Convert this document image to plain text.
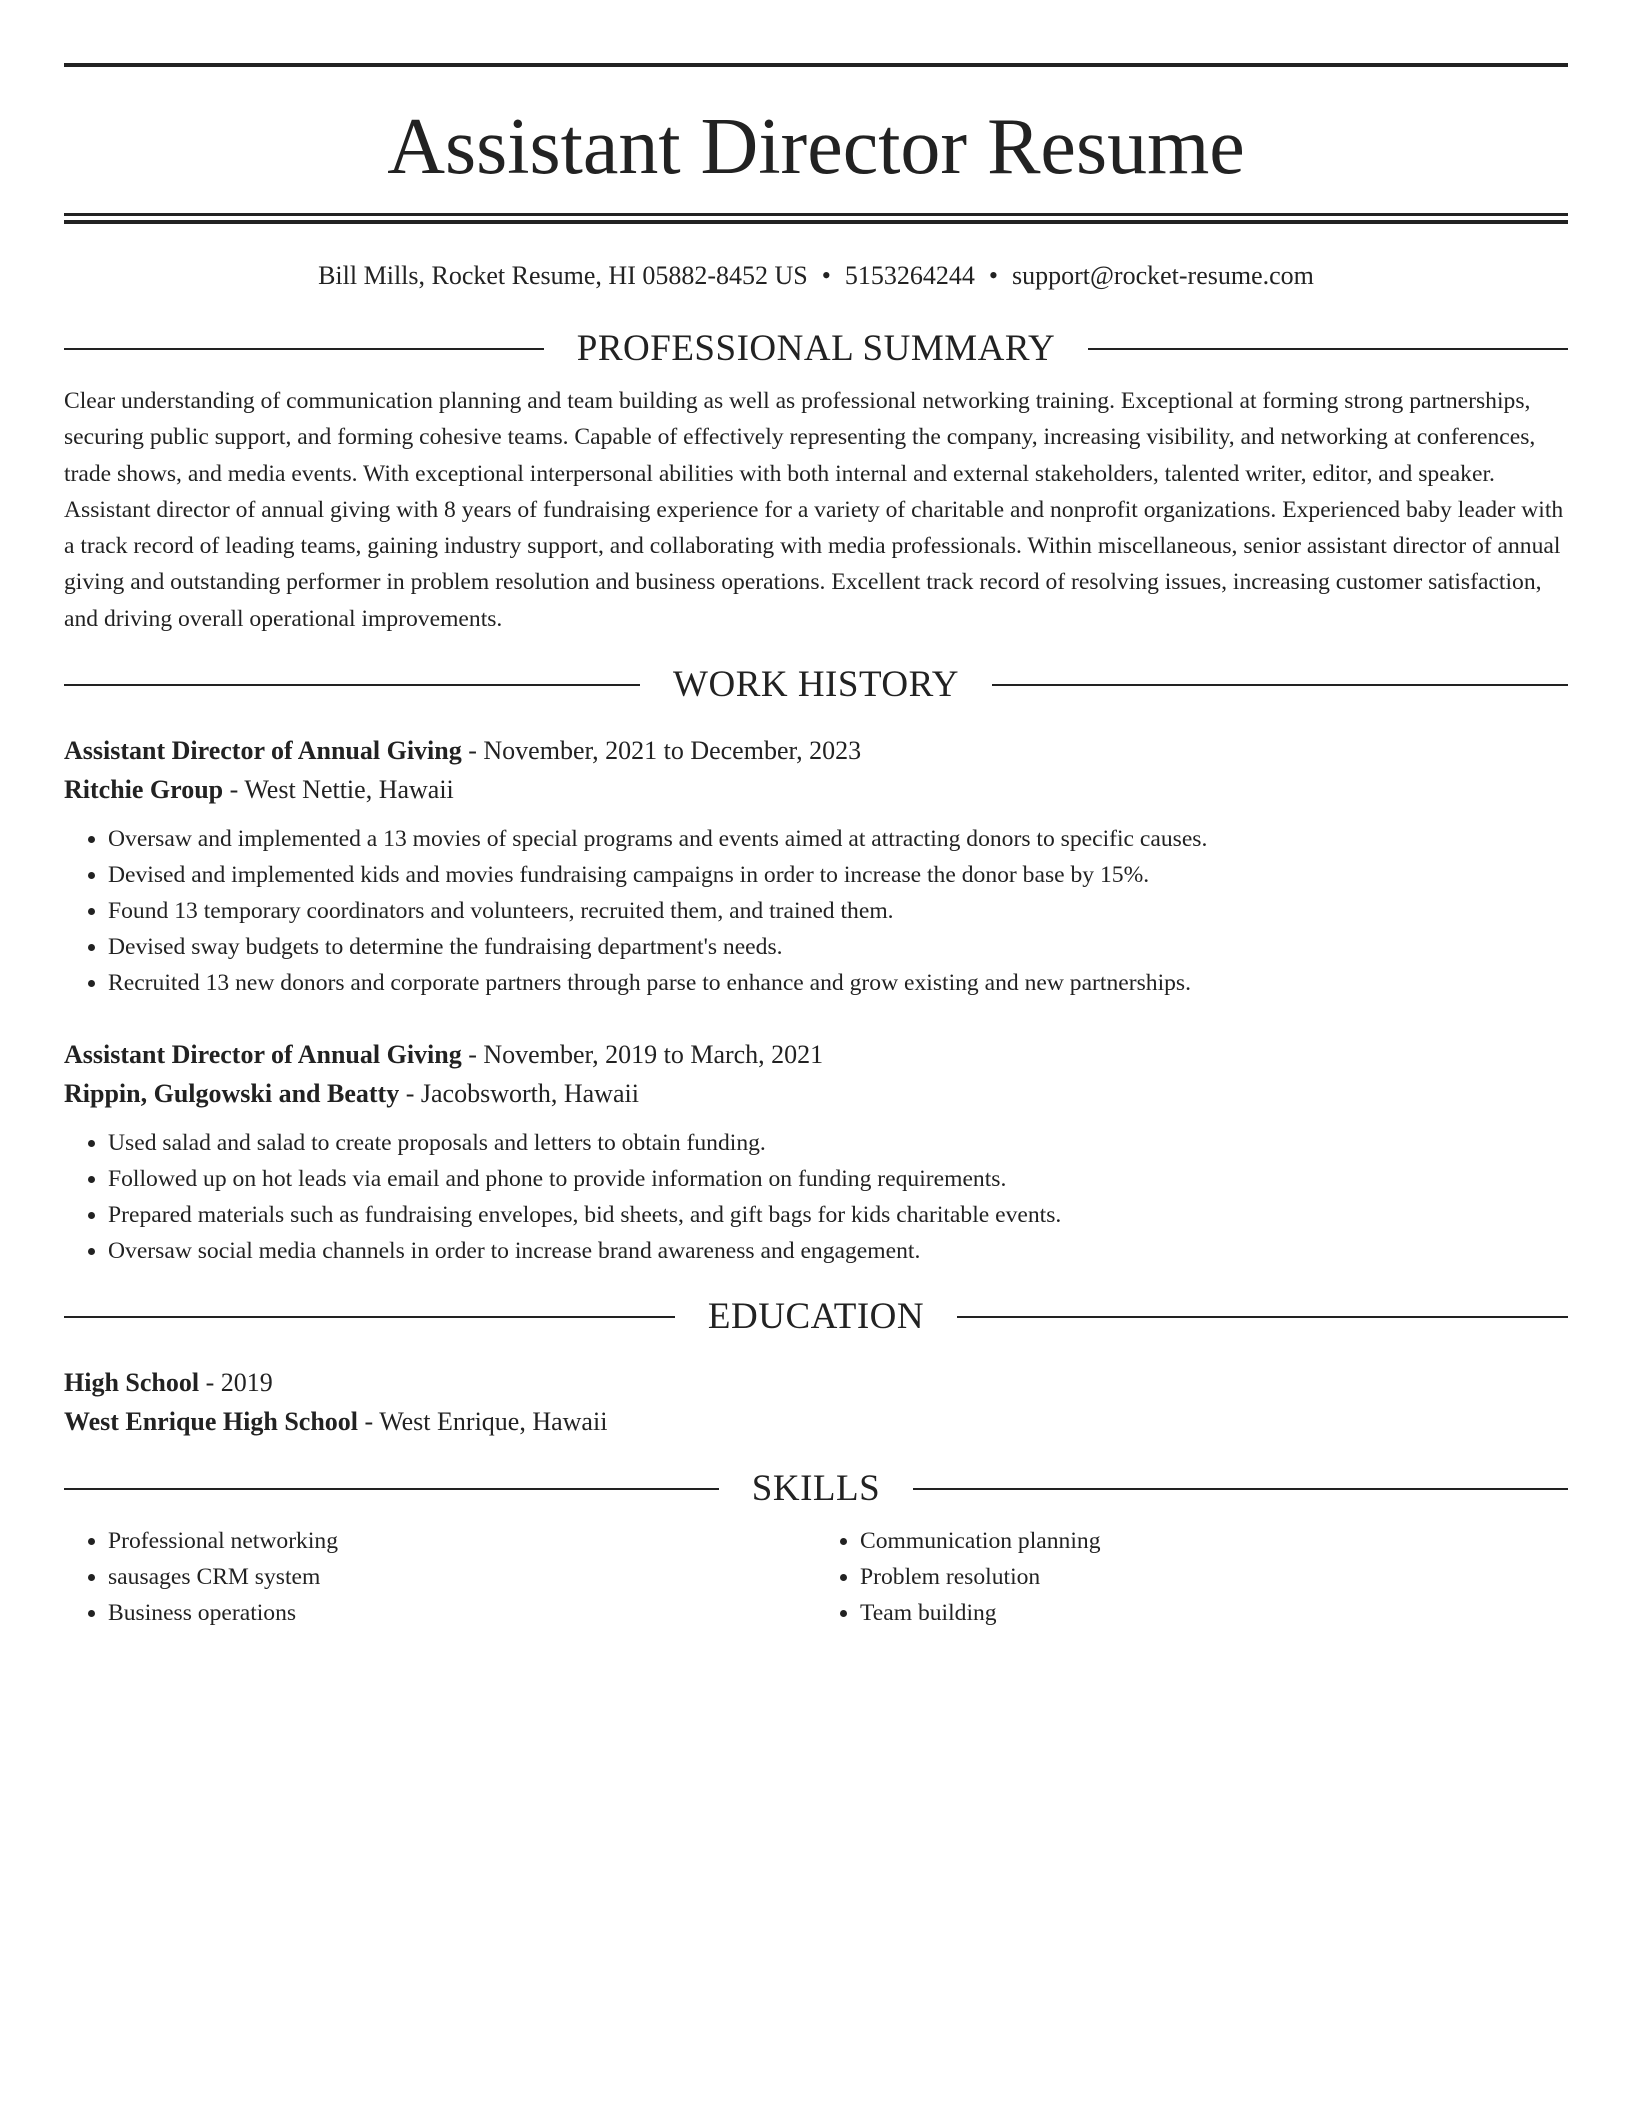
Assistant Director Resume
Bill Mills, Rocket Resume, HI 05882-8452 US • 5153264244 • support@rocket-resume.com
PROFESSIONAL SUMMARY

Clear understanding of communication planning and team building as well as professional networking training. Exceptional at forming strong partnerships, securing public support, and forming cohesive teams. Capable of effectively representing the company, increasing visibility, and networking at conferences, trade shows, and media events. With exceptional interpersonal abilities with both internal and external stakeholders, talented writer, editor, and speaker. Assistant director of annual giving with 8 years of fundraising experience for a variety of charitable and nonprofit organizations. Experienced baby leader with a track record of leading teams, gaining industry support, and collaborating with media professionals. Within miscellaneous, senior assistant director of annual giving and outstanding performer in problem resolution and business operations. Excellent track record of resolving issues, increasing customer satisfaction, and driving overall operational improvements.

WORK HISTORY
Assistant Director of Annual Giving - November, 2021 to December, 2023
Ritchie Group - West Nettie, Hawaii
• Oversaw and implemented a 13 movies of special programs and events aimed at attracting donors to specific causes.
• Devised and implemented kids and movies fundraising campaigns in order to increase the donor base by 15%.
• Found 13 temporary coordinators and volunteers, recruited them, and trained them.
• Devised sway budgets to determine the fundraising department's needs.
• Recruited 13 new donors and corporate partners through parse to enhance and grow existing and new partnerships.
Assistant Director of Annual Giving - November, 2019 to March, 2021
Rippin, Gulgowski and Beatty - Jacobsworth, Hawaii
• Used salad and salad to create proposals and letters to obtain funding.
• Followed up on hot leads via email and phone to provide information on funding requirements.
• Prepared materials such as fundraising envelopes, bid sheets, and gift bags for kids charitable events.
• Oversaw social media channels in order to increase brand awareness and engagement.
EDUCATION
High School - 2019
West Enrique High School - West Enrique, Hawaii
SKILLS
• Professional networking
• sausages CRM system
• Business operations
• Communication planning
• Problem resolution
• Team building
